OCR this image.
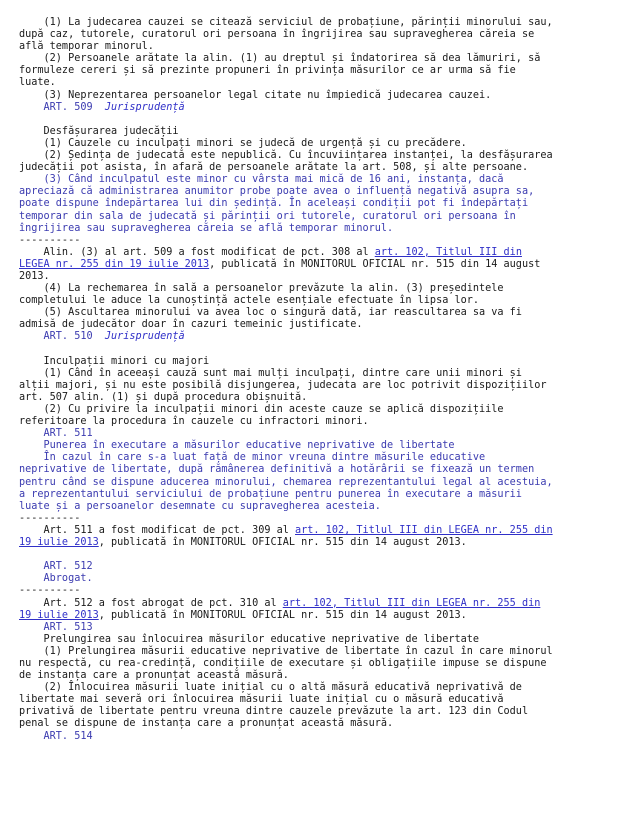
(1) La judecarea cauzei se citează serviciul de probațiune, părinții minorului sau,
după caz, tutorele, curatorul ori persoana în îngrijirea sau supravegherea căreia se
află temporar minorul.
(2) Persoanele arătate la alin. (1) au dreptul și îndatorirea să dea lămuriri, să
formuleze cereri și să prezinte propuneri în privința măsurilor ce ar urma să fie
luate.
(3) Neprezentarea persoanelor legal citate nu împiedică judecarea cauzei.
ART. 509  Jurisprudență
Desfășurarea judecății
(1) Cauzele cu inculpați minori se judecă de urgență și cu precădere.
(2) Ședința de judecată este nepublică. Cu încuviințarea instanței, la desfășurarea
judecății pot asista, în afară de persoanele arătate la art. 508, și alte persoane.
(3) Când inculpatul este minor cu vârsta mai mică de 16 ani, instanța, dacă
apreciază că administrarea anumitor probe poate avea o influență negativă asupra sa,
poate dispune îndepărtarea lui din ședință. În aceleași condiții pot fi îndepărtați
temporar din sala de judecată și părinții ori tutorele, curatorul ori persoana în
îngrijirea sau supravegherea căreia se află temporar minorul.
----------
Alin. (3) al art. 509 a fost modificat de pct. 308 al art. 102, Titlul III din
LEGEA nr. 255 din 19 iulie 2013, publicată în MONITORUL OFICIAL nr. 515 din 14 august
2013.
(4) La rechemarea în sală a persoanelor prevăzute la alin. (3) președintele
completului le aduce la cunoștință actele esențiale efectuate în lipsa lor.
(5) Ascultarea minorului va avea loc o singură dată, iar reascultarea sa va fi
admisă de judecător doar în cazuri temeinic justificate.
ART. 510  Jurisprudență
Inculpații minori cu majori
(1) Când în aceeași cauză sunt mai mulți inculpați, dintre care unii minori și
alții majori, și nu este posibilă disjungerea, judecata are loc potrivit dispozițiilor
art. 507 alin. (1) și după procedura obișnuită.
(2) Cu privire la inculpații minori din aceste cauze se aplică dispozițiile
referitoare la procedura în cauzele cu infractori minori.
ART. 511
Punerea în executare a măsurilor educative neprivative de libertate
În cazul în care s-a luat față de minor vreuna dintre măsurile educative
neprivative de libertate, după rămânerea definitivă a hotărârii se fixează un termen
pentru când se dispune aducerea minorului, chemarea reprezentantului legal al acestuia,
a reprezentantului serviciului de probațiune pentru punerea în executare a măsurii
luate și a persoanelor desemnate cu supravegherea acesteia.
----------
Art. 511 a fost modificat de pct. 309 al art. 102, Titlul III din LEGEA nr. 255 din
19 iulie 2013, publicată în MONITORUL OFICIAL nr. 515 din 14 august 2013.
ART. 512
Abrogat.
----------
Art. 512 a fost abrogat de pct. 310 al art. 102, Titlul III din LEGEA nr. 255 din
19 iulie 2013, publicată în MONITORUL OFICIAL nr. 515 din 14 august 2013.
ART. 513
Prelungirea sau înlocuirea măsurilor educative neprivative de libertate
(1) Prelungirea măsurii educative neprivative de libertate în cazul în care minorul
nu respectă, cu rea-credință, condițiile de executare și obligațiile impuse se dispune
de instanța care a pronunțat această măsură.
(2) Înlocuirea măsurii luate inițial cu o altă măsură educativă neprivativă de
libertate mai severă ori înlocuirea măsurii luate inițial cu o măsură educativă
privativă de libertate pentru vreuna dintre cauzele prevăzute la art. 123 din Codul
penal se dispune de instanța care a pronunțat această măsură.
ART. 514
